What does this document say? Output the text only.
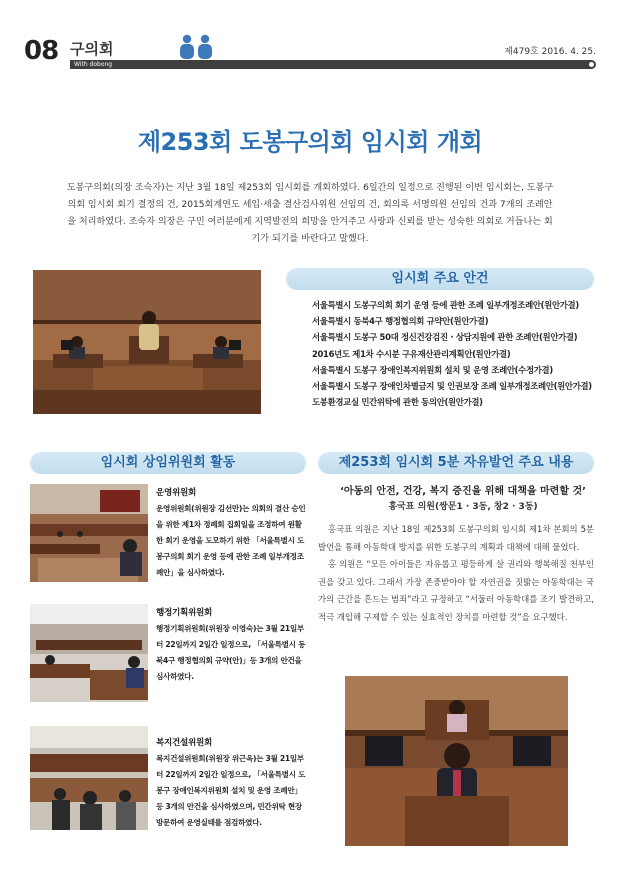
08 구의회	제479호 2016. 4. 25.
With dobong
제253회 도봉구의회 임시회 개회
도봉구의회(의장 조숙자)는 지난 3월 18일 제253회 임시회를 개회하였다. 6일간의 일정으로 진행된 이번 임시회는, 도봉구의회 임시회 회기 결정의 건, 2015회계연도 세입·세출 결산검사위원 선임의 건, 회의록 서명의원 선임의 건과 7개의 조례안을 처리하였다. 조숙자 의장은 구민 여러분에게 지역발전의 희망을 안겨주고 사랑과 신뢰를 받는 성숙한 의회로 거듭나는 회기가 되기를 바란다고 말했다.
임시회 주요 안건
서울특별시 도봉구의회 회기 운영 등에 관한 조례 일부개정조례안(원안가결)
서울특별시 동북4구 행정협의회 규약안(원안가결)
서울특별시 도봉구 50대 정신건강검진 · 상담지원에 관한 조례안(원안가결)
2016년도 제1차 수시분 구유재산관리계획안(원안가결)
서울특별시 도봉구 장애인복지위원회 설치 및 운영 조례안(수정가결)
서울특별시 도봉구 장애인차별금지 및 인권보장 조례 일부개정조례안(원안가결)
도봉환경교실 민간위탁에 관한 동의안(원안가결)
임시회 상임위원회 활동
운영위원회
운영위원회(위원장 김선만)는 의회의 결산 승인을 위한 제1차 정례회 집회일을 조정하여 원활한 회기 운영을 도모하기 위한 「서울특별시 도봉구의회 회기 운영 등에 관한 조례 일부개정조례안」을 심사하였다.
행정기획위원회
행정기획위원회(위원장 이영숙)는 3월 21일부터 22일까지 2일간 일정으로, 「서울특별시 동북4구 행정협의회 규약(안)」등 3개의 안건을 심사하였다.
복지건설위원회
복지건설위원회(위원장 위근옥)는 3월 21일부터 22일까지 2일간 일정으로, 「서울특별시 도봉구 장애인복지위원회 설치 및 운영 조례안」등 3개의 안건을 심사하였으며, 민간위탁 현장방문하여 운영실태를 점검하였다.
제253회 임시회 5분 자유발언 주요 내용
‘아동의 안전, 건강, 복지 증진을 위해 대책을 마련할 것’
홍국표 의원(쌍문1 · 3동, 창2 · 3동)

홍국표 의원은 지난 18일 제253회 도봉구의회 임시회 제1차 본회의 5분 발언을 통해 아동학대 방지를 위한 도봉구의 계획과 대책에 대해 물었다.

홍 의원은 “모든 아이들은 자유롭고 평등하게 살 권리와 행복해질 천부인권을 갖고 있다. 그래서 가장 존중받아야 할 자연권을 짓밟는 아동학대는 국가의 근간을 흔드는 범죄”라고 규정하고 “서둘러 아동학대를 조기 발견하고, 적극 개입해 구제할 수 있는 실효적인 장치를 마련할 것”을 요구했다.
